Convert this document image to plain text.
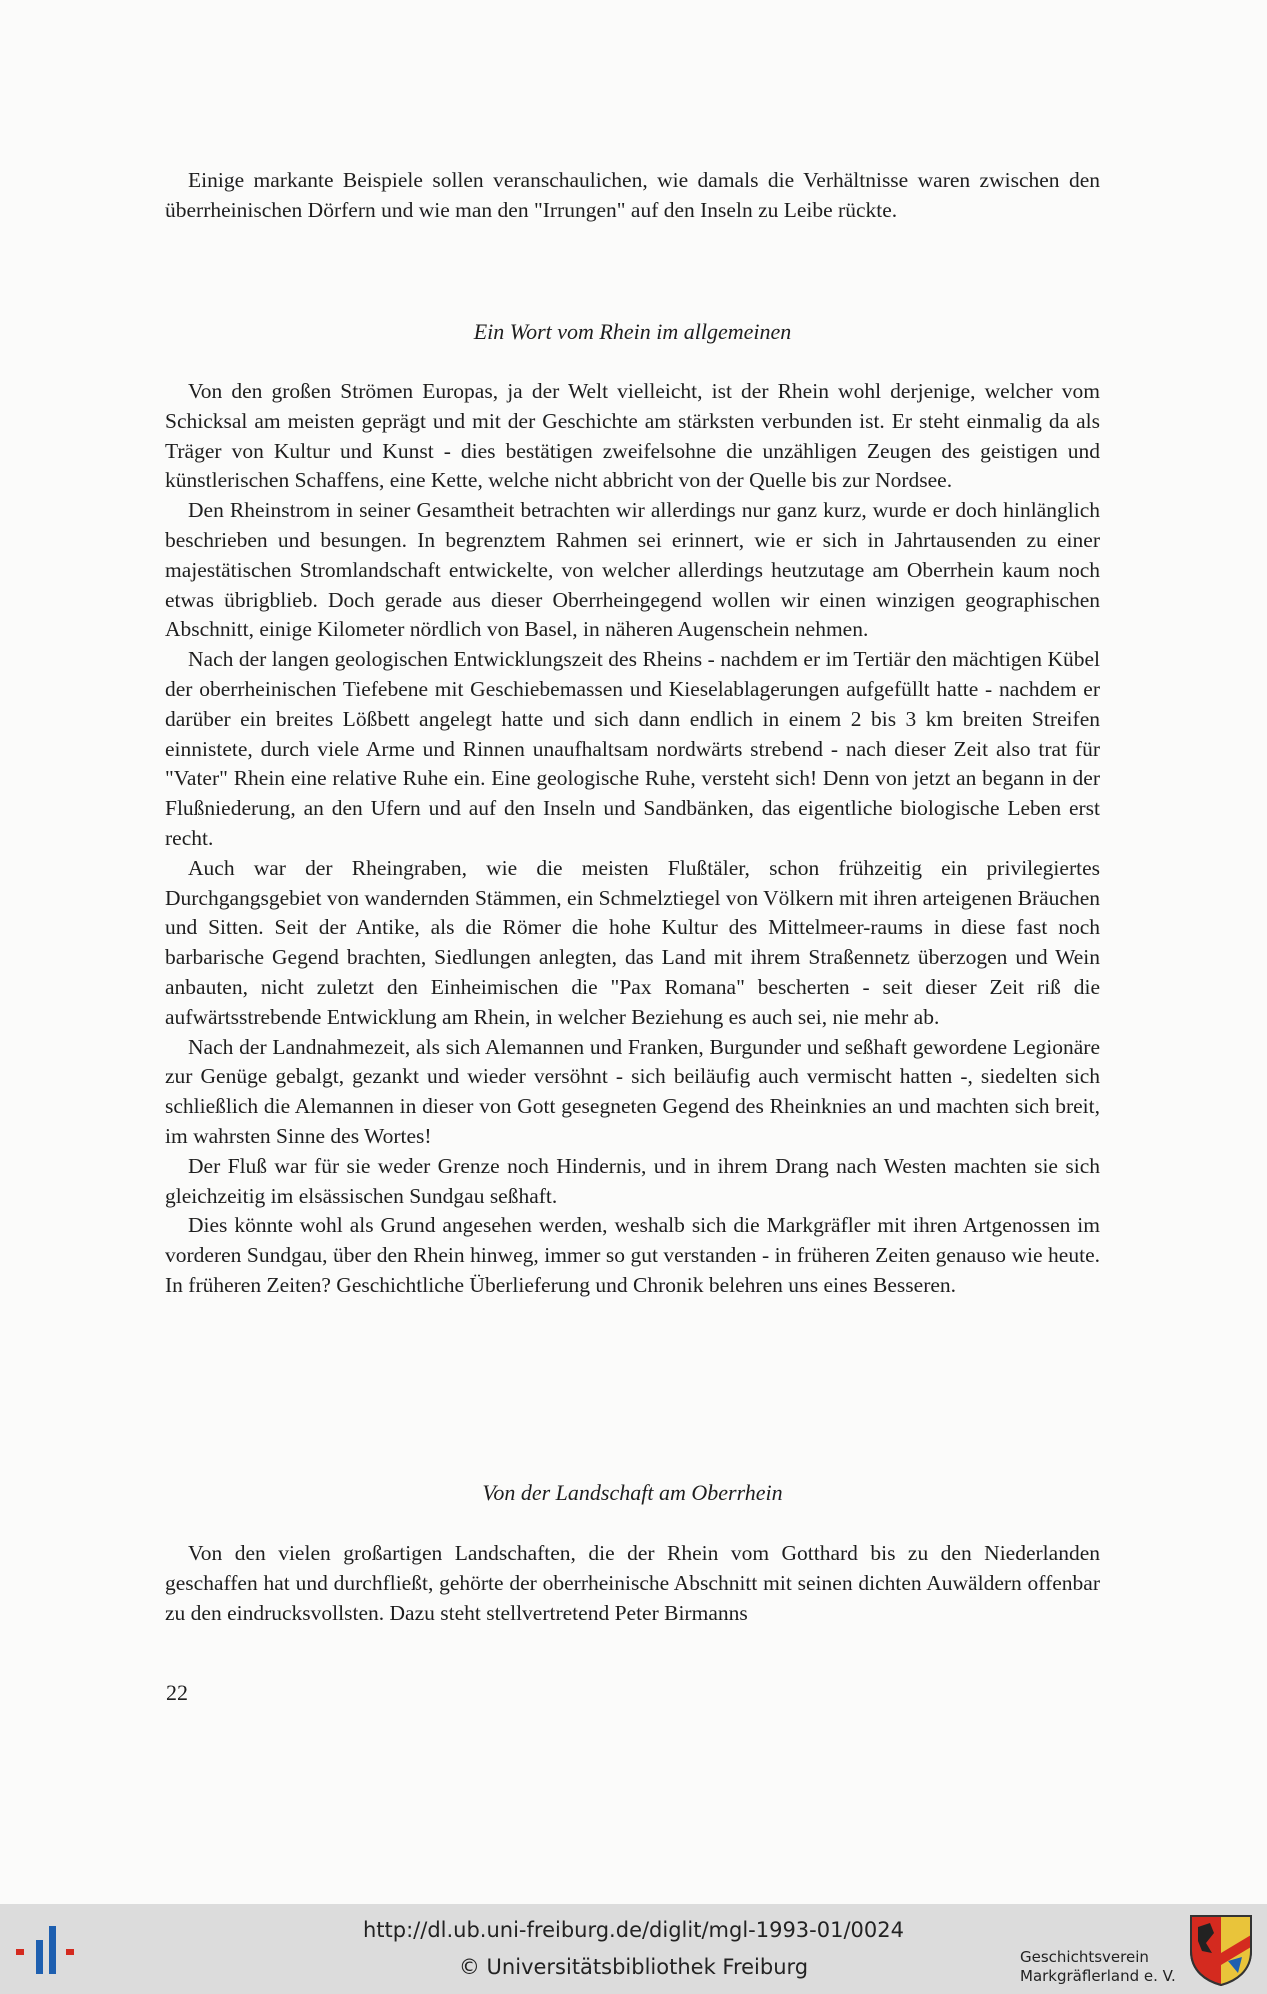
Einige markante Beispiele sollen veranschaulichen, wie damals die Verhältnisse waren zwischen den überrheinischen Dörfern und wie man den "Irrungen" auf den Inseln zu Leibe rückte.

Ein Wort vom Rhein im allgemeinen

Von den großen Strömen Europas, ja der Welt vielleicht, ist der Rhein wohl derjenige, welcher vom Schicksal am meisten geprägt und mit der Geschichte am stärksten verbunden ist. Er steht einmalig da als Träger von Kultur und Kunst - dies bestätigen zweifelsohne die unzähligen Zeugen des geistigen und künstlerischen Schaffens, eine Kette, welche nicht abbricht von der Quelle bis zur Nordsee.

Den Rheinstrom in seiner Gesamtheit betrachten wir allerdings nur ganz kurz, wurde er doch hinlänglich beschrieben und besungen. In begrenztem Rahmen sei erinnert, wie er sich in Jahrtausenden zu einer majestätischen Stromlandschaft entwickelte, von welcher allerdings heutzutage am Oberrhein kaum noch etwas übrigblieb. Doch gerade aus dieser Oberrheingegend wollen wir einen winzigen geographischen Abschnitt, einige Kilometer nördlich von Basel, in näheren Augenschein nehmen.

Nach der langen geologischen Entwicklungszeit des Rheins - nachdem er im Tertiär den mächtigen Kübel der oberrheinischen Tiefebene mit Geschiebemassen und Kieselablagerungen aufgefüllt hatte - nachdem er darüber ein breites Lößbett angelegt hatte und sich dann endlich in einem 2 bis 3 km breiten Streifen einnistete, durch viele Arme und Rinnen unaufhaltsam nordwärts strebend - nach dieser Zeit also trat für "Vater" Rhein eine relative Ruhe ein. Eine geologische Ruhe, versteht sich! Denn von jetzt an begann in der Flußniederung, an den Ufern und auf den Inseln und Sandbänken, das eigentliche biologische Leben erst recht.

Auch war der Rheingraben, wie die meisten Flußtäler, schon frühzeitig ein privilegiertes Durchgangsgebiet von wandernden Stämmen, ein Schmelztiegel von Völkern mit ihren arteigenen Bräuchen und Sitten. Seit der Antike, als die Römer die hohe Kultur des Mittelmeer-raums in diese fast noch barbarische Gegend brachten, Siedlungen anlegten, das Land mit ihrem Straßennetz überzogen und Wein anbauten, nicht zuletzt den Einheimischen die "Pax Romana" bescherten - seit dieser Zeit riß die aufwärtsstrebende Entwicklung am Rhein, in welcher Beziehung es auch sei, nie mehr ab.

Nach der Landnahmezeit, als sich Alemannen und Franken, Burgunder und seßhaft gewordene Legionäre zur Genüge gebalgt, gezankt und wieder versöhnt - sich beiläufig auch vermischt hatten -, siedelten sich schließlich die Alemannen in dieser von Gott gesegneten Gegend des Rheinknies an und machten sich breit, im wahrsten Sinne des Wortes!

Der Fluß war für sie weder Grenze noch Hindernis, und in ihrem Drang nach Westen machten sie sich gleichzeitig im elsässischen Sundgau seßhaft.

Dies könnte wohl als Grund angesehen werden, weshalb sich die Markgräfler mit ihren Artgenossen im vorderen Sundgau, über den Rhein hinweg, immer so gut verstanden - in früheren Zeiten genauso wie heute. In früheren Zeiten? Geschichtliche Überlieferung und Chronik belehren uns eines Besseren.

Von der Landschaft am Oberrhein

Von den vielen großartigen Landschaften, die der Rhein vom Gotthard bis zu den Niederlanden geschaffen hat und durchfließt, gehörte der oberrheinische Abschnitt mit seinen dichten Auwäldern offenbar zu den eindrucksvollsten. Dazu steht stellvertretend Peter Birmanns

22
http://dl.ub.uni-freiburg.de/diglit/mgl-1993-01/0024
© Universitätsbibliothek Freiburg	Geschichtsverein
Markgräflerland e. V.
